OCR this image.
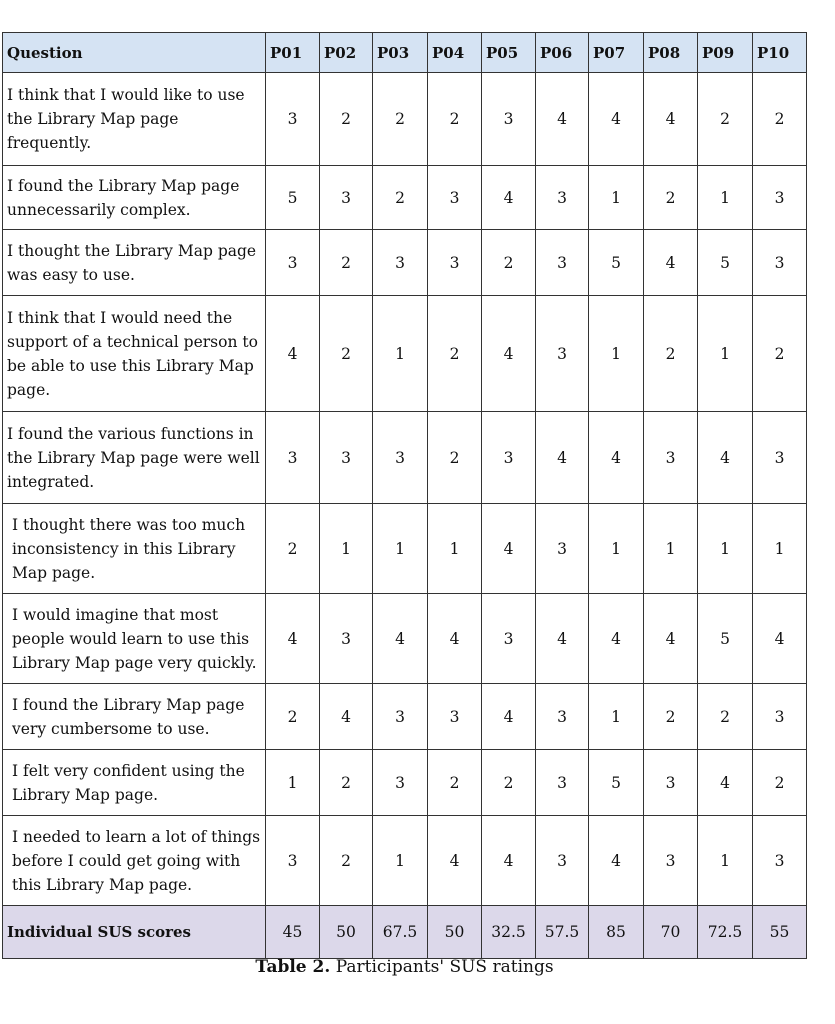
Question	P01	P02	P03	P04	P05	P06	P07	P08	P09	P10
I think that I would like to use the Library Map page frequently.	3	2	2	2	3	4	4	4	2	2
I found the Library Map page unnecessarily complex.	5	3	2	3	4	3	1	2	1	3
I thought the Library Map page was easy to use.	3	2	3	3	2	3	5	4	5	3
I think that I would need the support of a technical person to be able to use this Library Map page.	4	2	1	2	4	3	1	2	1	2
I found the various functions in the Library Map page were well integrated.	3	3	3	2	3	4	4	3	4	3
I thought there was too much inconsistency in this Library Map page.	2	1	1	1	4	3	1	1	1	1
I would imagine that most people would learn to use this Library Map page very quickly.	4	3	4	4	3	4	4	4	5	4
I found the Library Map page very cumbersome to use.	2	4	3	3	4	3	1	2	2	3
I felt very confident using the Library Map page.	1	2	3	2	2	3	5	3	4	2
I needed to learn a lot of things before I could get going with this Library Map page.	3	2	1	4	4	3	4	3	1	3
Individual SUS scores	45	50	67.5	50	32.5	57.5	85	70	72.5	55
Table 2. Participants' SUS ratings
